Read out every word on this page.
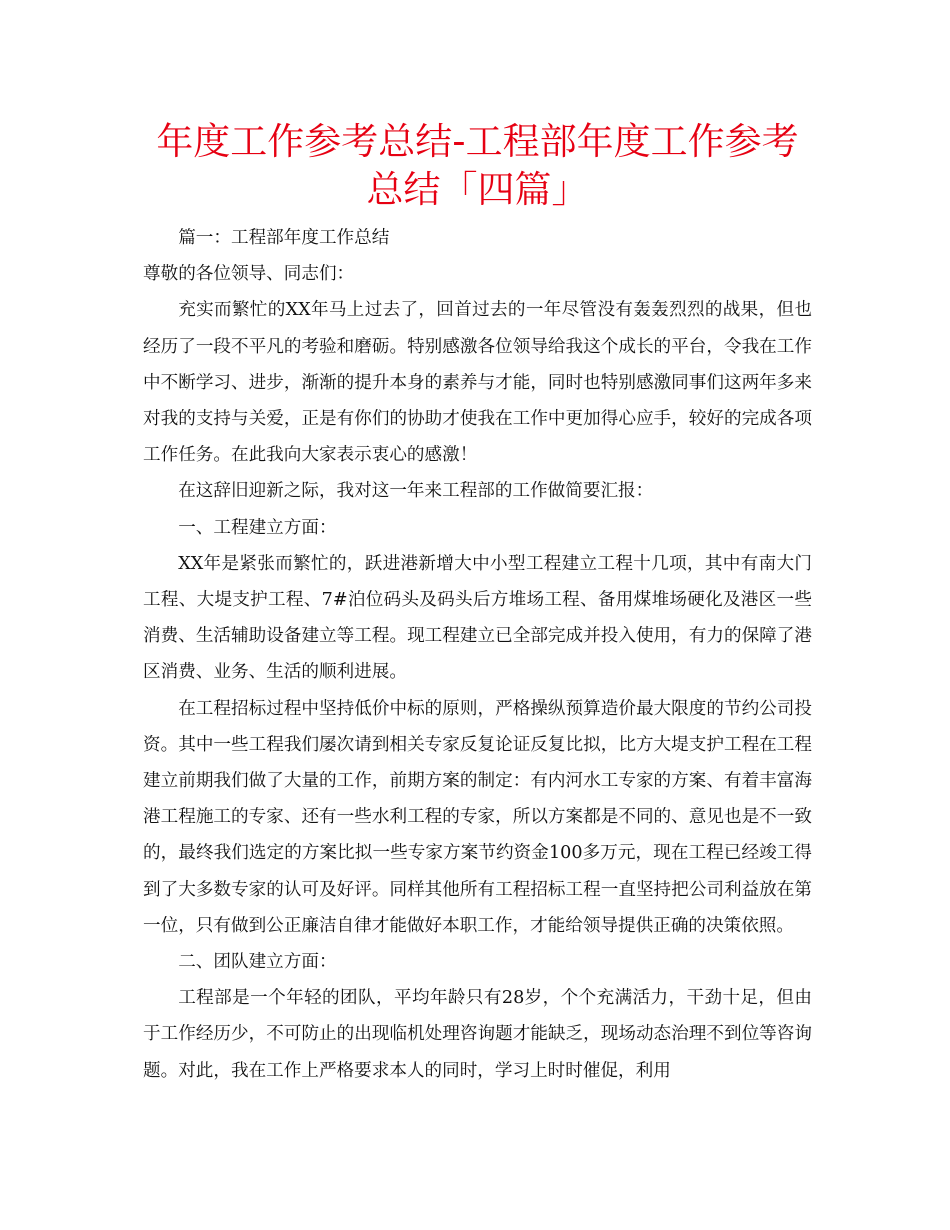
年度工作参考总结-工程部年度工作参考总结「四篇」

篇一：工程部年度工作总结

尊敬的各位领导、同志们：

充实而繁忙的XX年马上过去了，回首过去的一年尽管没有轰轰烈烈的战果，但也经历了一段不平凡的考验和磨砺。特别感激各位领导给我这个成长的平台，令我在工作中不断学习、进步，渐渐的提升本身的素养与才能，同时也特别感激同事们这两年多来对我的支持与关爱，正是有你们的协助才使我在工作中更加得心应手，较好的完成各项工作任务。在此我向大家表示衷心的感激！

在这辞旧迎新之际，我对这一年来工程部的工作做简要汇报：

一、工程建立方面：

XX年是紧张而繁忙的，跃进港新增大中小型工程建立工程十几项，其中有南大门工程、大堤支护工程、7#泊位码头及码头后方堆场工程、备用煤堆场硬化及港区一些消费、生活辅助设备建立等工程。现工程建立已全部完成并投入使用，有力的保障了港区消费、业务、生活的顺利进展。

在工程招标过程中坚持低价中标的原则，严格操纵预算造价最大限度的节约公司投资。其中一些工程我们屡次请到相关专家反复论证反复比拟，比方大堤支护工程在工程建立前期我们做了大量的工作，前期方案的制定：有内河水工专家的方案、有着丰富海港工程施工的专家、还有一些水利工程的专家，所以方案都是不同的、意见也是不一致的，最终我们选定的方案比拟一些专家方案节约资金100多万元，现在工程已经竣工得到了大多数专家的认可及好评。同样其他所有工程招标工程一直坚持把公司利益放在第一位，只有做到公正廉洁自律才能做好本职工作，才能给领导提供正确的决策依照。

二、团队建立方面：

工程部是一个年轻的团队，平均年龄只有28岁，个个充满活力，干劲十足，但由于工作经历少，不可防止的出现临机处理咨询题才能缺乏，现场动态治理不到位等咨询题。对此，我在工作上严格要求本人的同时，学习上时时催促，利用
